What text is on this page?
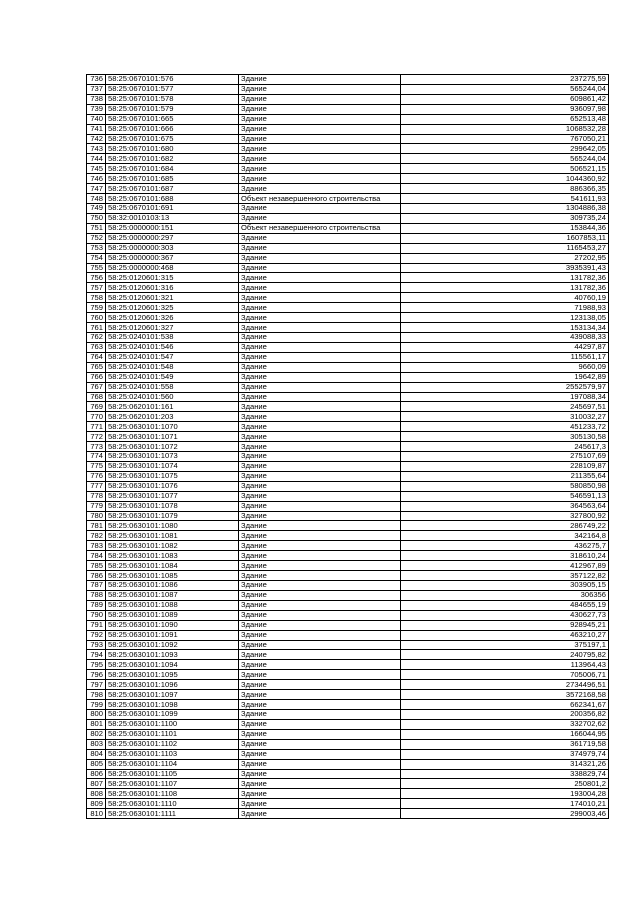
736	58:25:0670101:576	Здание	237275,59
737	58:25:0670101:577	Здание	565244,04
738	58:25:0670101:578	Здание	609861,42
739	58:25:0670101:579	Здание	936097,98
740	58:25:0670101:665	Здание	652513,48
741	58:25:0670101:666	Здание	1068532,28
742	58:25:0670101:675	Здание	767050,21
743	58:25:0670101:680	Здание	299642,05
744	58:25:0670101:682	Здание	565244,04
745	58:25:0670101:684	Здание	506521,15
746	58:25:0670101:685	Здание	1044360,92
747	58:25:0670101:687	Здание	886366,35
748	58:25:0670101:688	Объект незавершенного строительства	541611,93
749	58:25:0670101:691	Здание	1304886,38
750	58:32:0010103:13	Здание	309735,24
751	58:25:0000000:151	Объект незавершенного строительства	153844,36
752	58:25:0000000:297	Здание	1607853,11
753	58:25:0000000:303	Здание	1165453,27
754	58:25:0000000:367	Здание	27202,95
755	58:25:0000000:468	Здание	3935391,43
756	58:25:0120601:315	Здание	131782,36
757	58:25:0120601:316	Здание	131782,36
758	58:25:0120601:321	Здание	40760,19
759	58:25:0120601:325	Здание	71988,93
760	58:25:0120601:326	Здание	123138,05
761	58:25:0120601:327	Здание	153134,34
762	58:25:0240101:538	Здание	439088,33
763	58:25:0240101:546	Здание	44297,87
764	58:25:0240101:547	Здание	115561,17
765	58:25:0240101:548	Здание	9660,09
766	58:25:0240101:549	Здание	19642,89
767	58:25:0240101:558	Здание	2552579,97
768	58:25:0240101:560	Здание	197088,34
769	58:25:0620101:161	Здание	245697,51
770	58:25:0620101:203	Здание	310032,27
771	58:25:0630101:1070	Здание	451233,72
772	58:25:0630101:1071	Здание	305130,58
773	58:25:0630101:1072	Здание	245617,3
774	58:25:0630101:1073	Здание	275107,69
775	58:25:0630101:1074	Здание	228109,87
776	58:25:0630101:1075	Здание	211355,64
777	58:25:0630101:1076	Здание	580850,98
778	58:25:0630101:1077	Здание	546591,13
779	58:25:0630101:1078	Здание	364563,64
780	58:25:0630101:1079	Здание	327800,92
781	58:25:0630101:1080	Здание	286749,22
782	58:25:0630101:1081	Здание	342164,8
783	58:25:0630101:1082	Здание	436275,7
784	58:25:0630101:1083	Здание	318610,24
785	58:25:0630101:1084	Здание	412967,89
786	58:25:0630101:1085	Здание	357122,82
787	58:25:0630101:1086	Здание	303905,15
788	58:25:0630101:1087	Здание	306356
789	58:25:0630101:1088	Здание	484655,19
790	58:25:0630101:1089	Здание	430627,73
791	58:25:0630101:1090	Здание	928945,21
792	58:25:0630101:1091	Здание	463210,27
793	58:25:0630101:1092	Здание	375197,1
794	58:25:0630101:1093	Здание	240795,82
795	58:25:0630101:1094	Здание	113964,43
796	58:25:0630101:1095	Здание	705006,71
797	58:25:0630101:1096	Здание	2734496,51
798	58:25:0630101:1097	Здание	3572168,58
799	58:25:0630101:1098	Здание	662341,67
800	58:25:0630101:1099	Здание	200356,82
801	58:25:0630101:1100	Здание	332702,62
802	58:25:0630101:1101	Здание	166044,95
803	58:25:0630101:1102	Здание	361719,58
804	58:25:0630101:1103	Здание	374979,74
805	58:25:0630101:1104	Здание	314321,26
806	58:25:0630101:1105	Здание	338829,74
807	58:25:0630101:1107	Здание	250801,2
808	58:25:0630101:1108	Здание	193004,28
809	58:25:0630101:1110	Здание	174010,21
810	58:25:0630101:1111	Здание	299003,46
